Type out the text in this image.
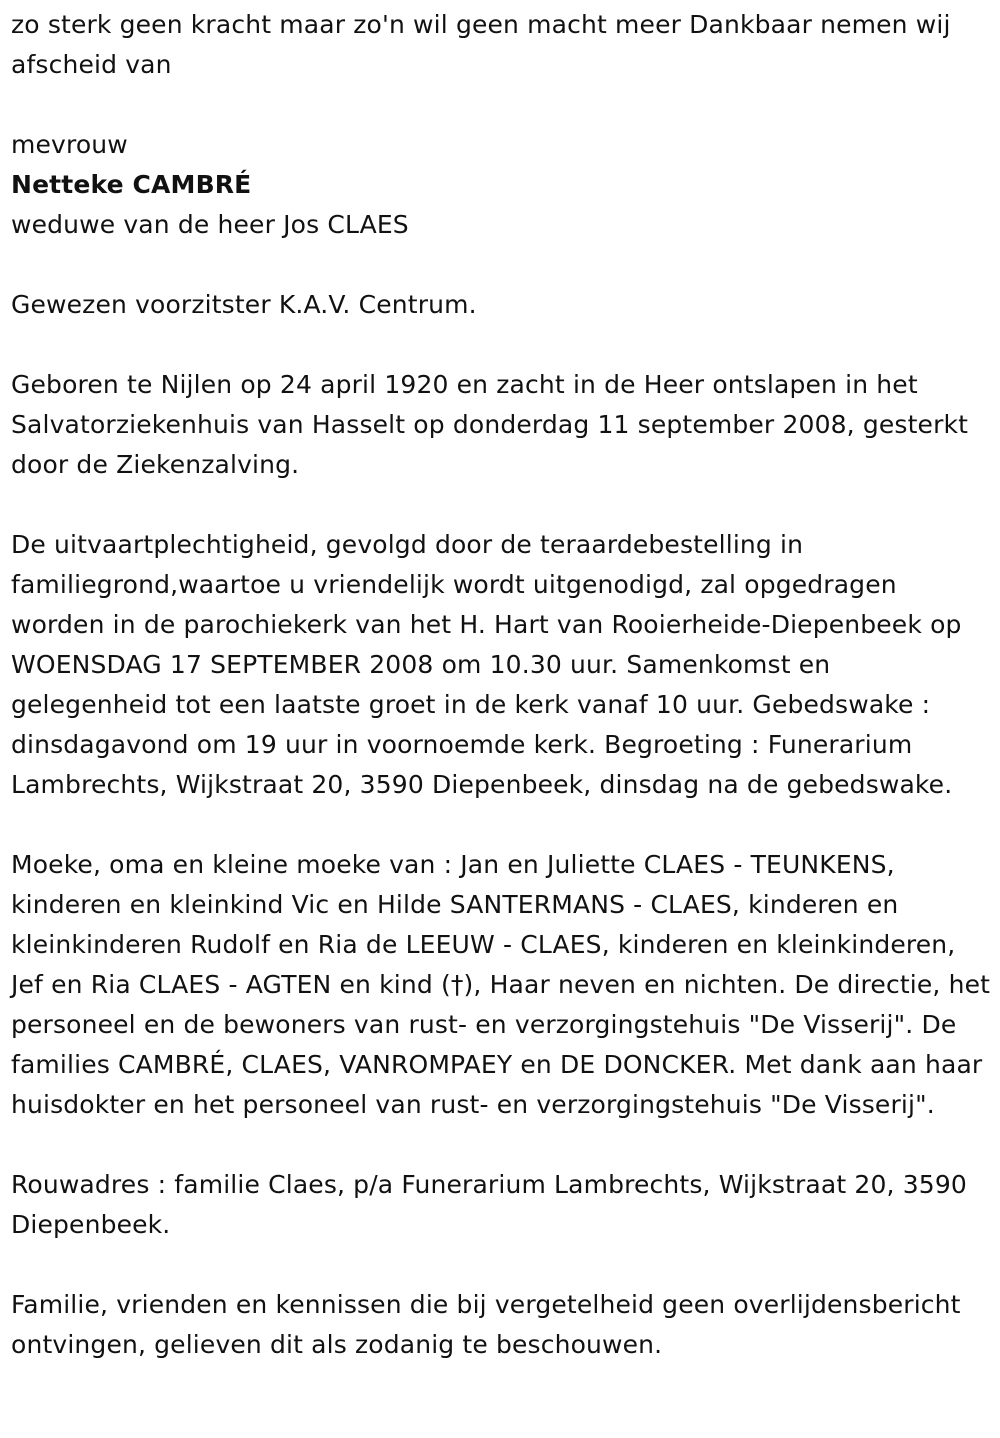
zo sterk geen kracht maar zo'n wil geen macht meer Dankbaar nemen wij afscheid van

mevrouw

Netteke CAMBRÉ

weduwe van de heer Jos CLAES

Gewezen voorzitster K.A.V. Centrum.

Geboren te Nijlen op 24 april 1920 en zacht in de Heer ontslapen in het Salvatorziekenhuis van Hasselt op donderdag 11 september 2008, gesterkt door de Ziekenzalving.

De uitvaartplechtigheid, gevolgd door de teraardebestelling in familiegrond,waartoe u vriendelijk wordt uitgenodigd, zal opgedragen worden in de parochiekerk van het H. Hart van Rooierheide-Diepenbeek op WOENSDAG 17 SEPTEMBER 2008 om 10.30 uur. Samenkomst en gelegenheid tot een laatste groet in de kerk vanaf 10 uur. Gebedswake : dinsdagavond om 19 uur in voornoemde kerk. Begroeting : Funerarium Lambrechts, Wijkstraat 20, 3590 Diepenbeek, dinsdag na de gebedswake.

Moeke, oma en kleine moeke van : Jan en Juliette CLAES - TEUNKENS, kinderen en kleinkind Vic en Hilde SANTERMANS - CLAES, kinderen en kleinkinderen Rudolf en Ria de LEEUW - CLAES, kinderen en kleinkinderen, Jef en Ria CLAES - AGTEN en kind (†), Haar neven en nichten. De directie, het personeel en de bewoners van rust- en verzorgingstehuis "De Visserij". De families CAMBRÉ, CLAES, VANROMPAEY en DE DONCKER. Met dank aan haar huisdokter en het personeel van rust- en verzorgingstehuis "De Visserij".

Rouwadres : familie Claes, p/a Funerarium Lambrechts, Wijkstraat 20, 3590 Diepenbeek.

Familie, vrienden en kennissen die bij vergetelheid geen overlijdensbericht ontvingen, gelieven dit als zodanig te beschouwen.
